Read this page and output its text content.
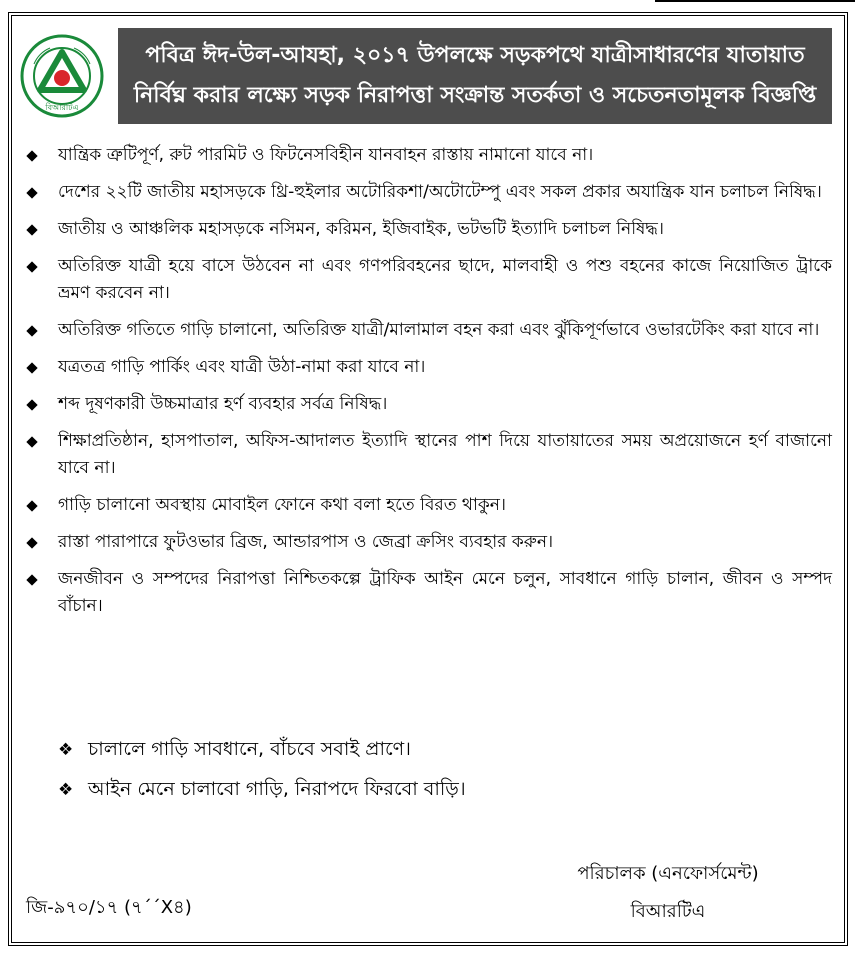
বিআরটিএ
পবিত্র ঈদ-উল-আযহা, ২০১৭ উপলক্ষে সড়কপথে যাত্রীসাধারণের যাতায়াত
নির্বিঘ্ন করার লক্ষ্যে সড়ক নিরাপত্তা সংক্রান্ত সতর্কতা ও সচেতনতামূলক বিজ্ঞপ্তি
যান্ত্রিক ত্রুটিপূর্ণ, রুট পারমিট ও ফিটনেসবিহীন যানবাহন রাস্তায় নামানো যাবে না।
দেশের ২২টি জাতীয় মহাসড়কে থ্রি-হুইলার অটোরিকশা/অটোটেম্পু এবং সকল প্রকার অযান্ত্রিক যান চলাচল নিষিদ্ধ।
জাতীয় ও আঞ্চলিক মহাসড়কে নসিমন, করিমন, ইজিবাইক, ভটভটি ইত্যাদি চলাচল নিষিদ্ধ।
অতিরিক্ত যাত্রী হয়ে বাসে উঠবেন না এবং গণপরিবহনের ছাদে, মালবাহী ও পশু বহনের কাজে নিয়োজিত ট্রাকে ভ্রমণ করবেন না।
অতিরিক্ত গতিতে গাড়ি চালানো, অতিরিক্ত যাত্রী/মালামাল বহন করা এবং ঝুঁকিপূর্ণভাবে ওভারটেকিং করা যাবে না।
যত্রতত্র গাড়ি পার্কিং এবং যাত্রী উঠা-নামা করা যাবে না।
শব্দ দূষণকারী উচ্চমাত্রার হর্ণ ব্যবহার সর্বত্র নিষিদ্ধ।
শিক্ষাপ্রতিষ্ঠান, হাসপাতাল, অফিস-আদালত ইত্যাদি স্থানের পাশ দিয়ে যাতায়াতের সময় অপ্রয়োজনে হর্ণ বাজানো যাবে না।
গাড়ি চালানো অবস্থায় মোবাইল ফোনে কথা বলা হতে বিরত থাকুন।
রাস্তা পারাপারে ফুটওভার ব্রিজ, আন্ডারপাস ও জেব্রা ক্রসিং ব্যবহার করুন।
জনজীবন ও সম্পদের নিরাপত্তা নিশ্চিতকল্পে ট্রাফিক আইন মেনে চলুন, সাবধানে গাড়ি চালান, জীবন ও সম্পদ বাঁচান।
❖ চালালে গাড়ি সাবধানে, বাঁচবে সবাই প্রাণে।
❖ আইন মেনে চালাবো গাড়ি, নিরাপদে ফিরবো বাড়ি।
পরিচালক (এনফোর্সমেন্ট)
বিআরটিএ
জি-৯৭০/১৭ (৭´´X৪)
